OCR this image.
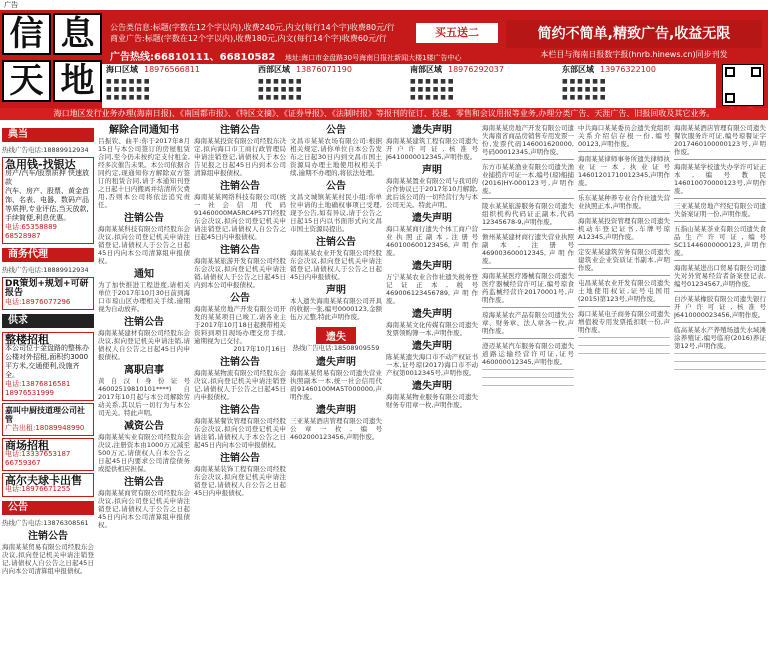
广告
信 息
天 地
公告类信息:标题(字数在12个字以内),收费240元,内文(每行14个字)收费80元/行
商业广告:标题(字数在12个字以内),收费180元,内文(每行14个字)收费60元/行
广告热线:66810111、66810582 地址:海口市金盘路30号海南日报社新闻大楼1楼广告中心
买五送二	简约不简单,精致广告,收益无限
本栏目与海南日报数字报(hnrb.hinews.cn)同步刊发
海口区域 18976566811	西部区域 13876071190	南部区域 18976292037	东部区域 13976322100
■ ■ ■ ■ ■ ■
■ ■ ■ ■ ■ ■
■ ■ ■ ■ ■ ■
■ ■ ■ ■ ■ ■
■ ■ ■ ■ ■ ■
■ ■ ■ ■ ■ ■
■ ■ ■ ■ ■ ■
■ ■ ■ ■ ■ ■
■ ■ ■ ■ ■ ■
■ ■ ■ ■ ■ ■
■ ■ ■ ■ ■ ■
■ ■ ■ ■ ■ ■
海口地区发行业务办理(海南日报)、《南国都市报》、《特区文摘》、《证券导报》、《法制时报》等报刊的征订、投递、零售和会议用报等业务,办理分类广告、天涯广告、旧报回收及其它业务。
典当
热线广告电话:18889912934
急用钱-找银达
房产/汽车/股票质押 快速放款
汽车、房产、股票、黄金首饰、名表、电器、数码产品等质押,专业评估,当天放款,手续简便,利息优惠。
电话:65358889 68528987
商务代理
热线广告电话:18889912934
DR策划+规划+可研报告
电话:18976077296
供求
整楼招租
本公司位于金盘路的整栋办公楼对外招租,面积约3000平方米,交通便利,设施齐全。
电话:13876816581 18976531999
嘉叫中厨技道理公司社管
广告出租:18089948990
商场招租
电话:13337653187 66759367
高尔夫球卡出售
电话:18976671255
公告
热线广告电话:13876308561
注销公告
海南某某贸易有限公司经股东会决议,拟向登记机关申请注销登记,请债权人自公告之日起45日内向本公司清算组申报债权。
解除合同通知书
吕振钦、曲平:你于2017年8月15日与本公司签订的房屋租赁合同,至今仍未按约定支付租金,经多次催告未果。本公司依据合同约定,现通知你方解除双方签订的租赁合同,请于本通知刊登之日起十日内搬离并结清所欠费用,否则本公司将依法追究责任。
注销公告
海南某某科技有限公司经股东会决议,拟向公司登记机关申请注销登记,请债权人于公告之日起45日内向本公司清算组申报债权。
通知
为了加快推进工程进度,请相关单位于2017年10月30日前到海口市琼山区办理相关手续,逾期视为自动放弃。
注销公告
海南某某建材有限公司经股东会决议,拟向登记机关申请注销,请债权人自公告之日起45日内申报债权。
离职启事
黄自汉(身份证号46002519810101****)自2017年10月起与本公司解除劳动关系,其以后一切行为与本公司无关。特此声明。
减资公告
海南某某实业有限公司经股东会决议,注册资本由1000万元减至500万元,请债权人自本公告之日起45日内要求公司清偿债务或提供相应担保。
注销公告
海南某某商贸有限公司经股东会决议,拟向公司登记机关申请注销登记,请债权人于公告之日起45日内向本公司清算组申报债权。
注销公告
海南某某投资有限公司经股东决定,拟向海口市工商行政管理局申请注销登记,请债权人于本公告见报之日起45日内到本公司清算组申报债权。
注销公告
海南某某网络科技有限公司(统一社会信用代码91460000MA5RC4P57T)经股东会决议,拟向公司登记机关申请注销登记,请债权人自公告之日起45日内申报债权。
注销公告
海南某某旅游开发有限公司经股东会决议,拟向登记机关申请注销,请债权人于公告之日起45日内到本公司申报债权。
公告
海南某某房地产开发有限公司开发的某某项目已竣工,请各业主于2017年10月18日起携带相关资料到项目现场办理交房手续,逾期视为已交付。
2017年10月16日
注销公告
海南某某物流有限公司经股东会决议,拟向登记机关申请注销登记,请债权人于公告之日起45日内申报债权。
注销公告
海南某某餐饮管理有限公司经股东会决议,拟向公司登记机关申请注销,请债权人于本公告之日起45日内向本公司申报债权。
注销公告
海南某某装饰工程有限公司经股东会决议,拟向登记机关申请注销登记,请债权人自公告之日起45日内申报债权。
公告
文昌市某某农场有限公司:根据相关规定,请你单位自本公告发布之日起30日内到文昌市国土资源局办理土地使用权相关手续,逾期不办理的,将依法处理。
公告
文昌文城镇某某村民小组:你单位申请的土地确权事项已受理,现予公告,如有异议,请于公告之日起15日内以书面形式向文昌市国土资源局提出。
注销公告
海南某某农业开发有限公司经股东会决议,拟向登记机关申请注销登记,请债权人于公告之日起45日内申报债权。
声明
本人遗失海南某某有限公司开具的收据一张,编号0000123,金额伍万元整,特此声明作废。
遗失
热线广告电话:18508909559
遗失声明
海南某某贸易有限公司遗失营业执照副本一本,统一社会信用代码91460100MA5T000000,声明作废。
遗失声明
三亚某某酒店管理有限公司遗失公章一枚,编号4602000123456,声明作废。
遗失声明
海南某某建筑工程有限公司遗失开户许可证,核准号J6410000012345,声明作废。
声明
海南某某置业有限公司与我司的合作协议已于2017年10月解除,此后该公司的一切经营行为与本公司无关。特此声明。
遗失声明
海口某某商行遗失个体工商户营业执照正副本,注册号460100600123456,声明作废。
遗失声明
万宁某某农业合作社遗失税务登记证正本,税号469006123456789,声明作废。
遗失声明
海南某某文化传媒有限公司遗失发票领购簿一本,声明作废。
遗失声明
陈某某遗失海口市不动产权证书一本,证号琼(2017)海口市不动产权第0012345号,声明作废。
遗失声明
海南某某物业服务有限公司遗失财务专用章一枚,声明作废。
海南某某房地产开发有限公司遗失海南省商品房销售专用发票一份,发票代码146001620000,号码00012345,声明作废。
东方市某某渔业有限公司遗失渔业捕捞许可证一本,编号(琼)船捕(2016)HY-000123号,声明作废。
陵水某某旅游服务有限公司遗失组织机构代码证正副本,代码12345678-9,声明作废。
儋州某某建材商行遗失营业执照副本,注册号469003600012345,声明作废。
海南某某医疗器械有限公司遗失医疗器械经营许可证,编号琼食药监械经营许20170001号,声明作废。
琼海某某农产品有限公司遗失公章、财务章、法人章各一枚,声明作废。
澄迈某某汽车服务有限公司遗失道路运输经营许可证,证号460000012345,声明作废。
中共海口某某委员会遗失党组织关系介绍信存根一份,编号00123,声明作废。
海南某某律师事务所遗失律师执业证一本,执业证号14601201710012345,声明作废。
乐东某某种养专业合作社遗失营业执照正本,声明作废。
海南某某投资管理有限公司遗失机动车登记证书,车牌号琼A12345,声明作废。
定安某某建筑劳务有限公司遗失建筑业企业资质证书副本,声明作废。
屯昌某某农业开发有限公司遗失土地使用权证,证号屯国用(2015)第123号,声明作废。
海口某某电子商务有限公司遗失增值税专用发票抵扣联一份,声明作废。
海南某某酒店管理有限公司遗失餐饮服务许可证,编号琼餐证字2017460100000123号,声明作废。
海南某某学校遗失办学许可证正本,编号教民146010070000123号,声明作废。
三亚某某房地产经纪有限公司遗失备案证明一份,声明作废。
五指山某某茶业有限公司遗失食品生产许可证,编号SC11446000000123,声明作废。
海南某某进出口贸易有限公司遗失对外贸易经营者备案登记表,编号01234567,声明作废。
白沙某某橡胶有限公司遗失银行开户许可证,核准号J6410000023456,声明作废。
临高某某水产养殖场遗失水域滩涂养殖证,编号临府(2016)养证第12号,声明作废。
